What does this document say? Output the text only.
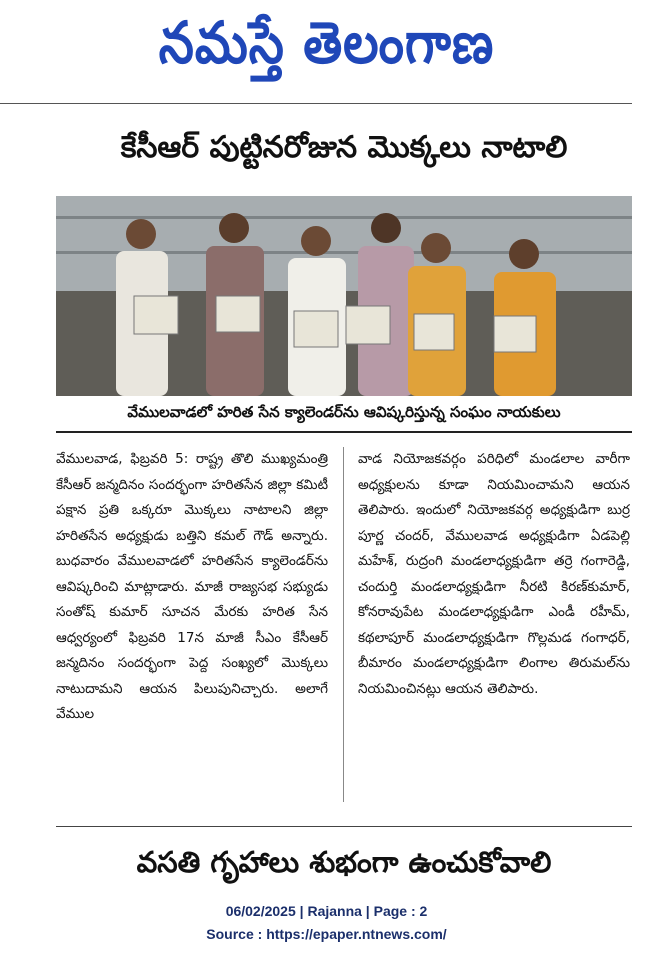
నమస్తే తెలంగాణ
కేసీఆర్ పుట్టినరోజున మొక్కలు నాటాలి
వేములవాడలో హరిత సేన క్యాలెండర్‌ను ఆవిష్కరిస్తున్న సంఘం నాయకులు
వేములవాడ, ఫిబ్రవరి 5: రాష్ట్ర తొలి ముఖ్యమంత్రి కేసీఆర్ జన్మదినం సందర్భంగా హరితసేన జిల్లా కమిటీ పక్షాన ప్రతి ఒక్కరూ మొక్కలు నాటాలని జిల్లా హరితసేన అధ్యక్షుడు బత్తిని కమల్ గౌడ్ అన్నారు. బుధవారం వేములవాడలో హరితసేన క్యాలెండర్‌ను ఆవిష్కరించి మాట్లాడారు. మాజీ రాజ్యసభ సభ్యుడు సంతోష్ కుమార్ సూచన మేరకు హరిత సేన ఆధ్వర్యంలో ఫిబ్రవరి 17న మాజీ సీఎం కేసీఆర్ జన్మదినం సందర్భంగా పెద్ద సంఖ్యలో మొక్కలు నాటుదామని ఆయన పిలుపునిచ్చారు. అలాగే వేముల
వాడ నియోజకవర్గం పరిధిలో మండలాల వారీగా అధ్యక్షులను కూడా నియమించామని ఆయన తెలిపారు. ఇందులో నియోజకవర్గ అధ్యక్షుడిగా బుర్ర పూర్ణ చందర్, వేములవాడ అధ్యక్షుడిగా ఏడపెల్లి మహేశ్, రుద్రంగి మండలాధ్యక్షుడిగా తర్రె గంగారెడ్డి, చందుర్తి మండలాధ్యక్షుడిగా నీరటి కిరణ్‌కుమార్, కోనరావుపేట మండలాధ్యక్షుడిగా ఎండీ రహీమ్, కథలాపూర్ మండలాధ్యక్షుడిగా గొల్లమడ గంగాధర్, బీమారం మండలాధ్యక్షుడిగా లింగాల తిరుమల్‌ను నియమించినట్లు ఆయన తెలిపారు.
వసతి గృహాలు శుభంగా ఉంచుకోవాలి
06/02/2025 | Rajanna | Page : 2
Source : https://epaper.ntnews.com/
